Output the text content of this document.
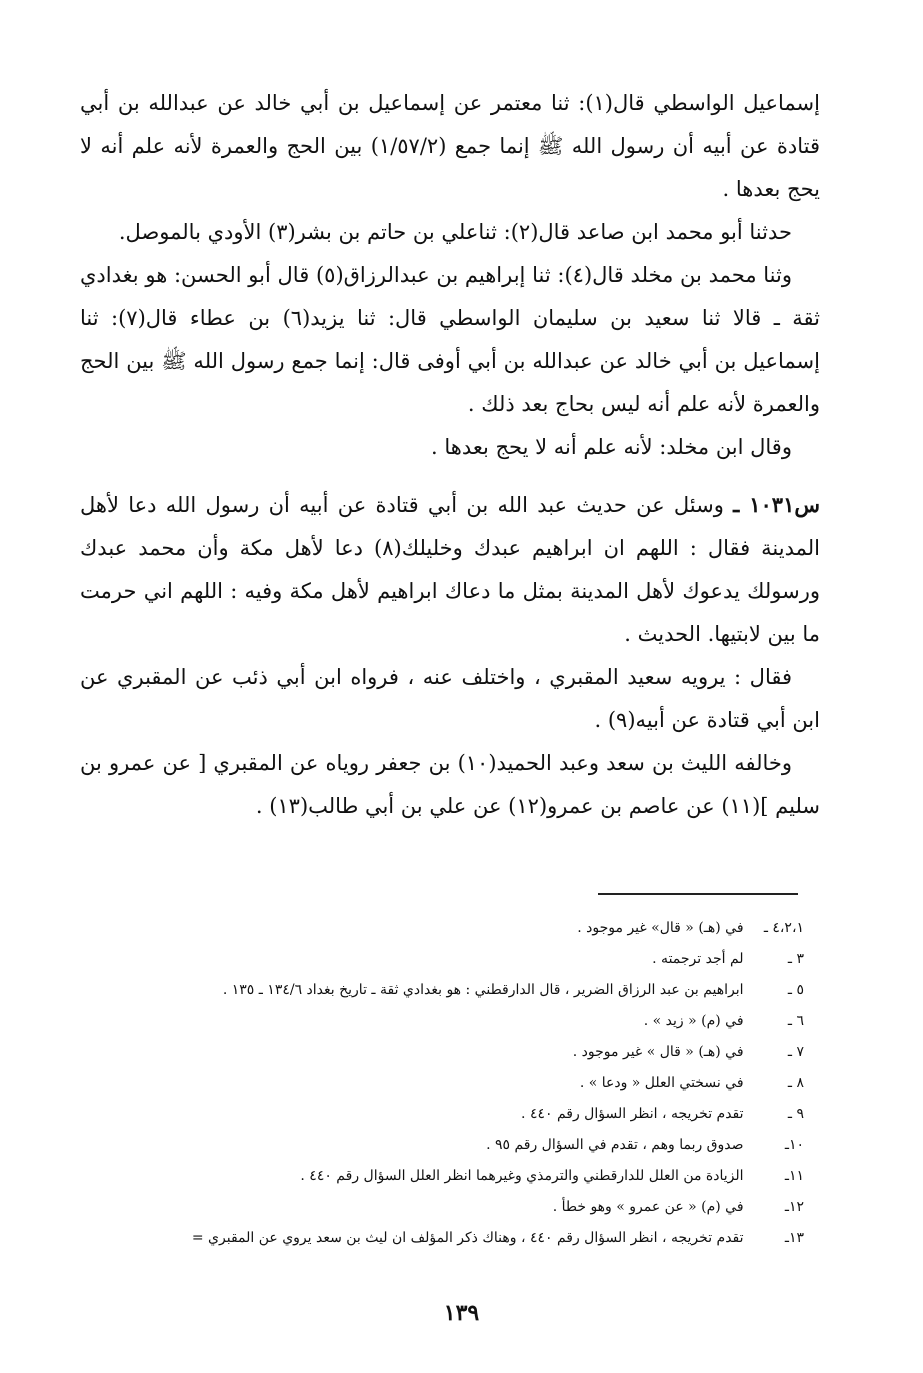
إسماعيل الواسطي قال(١): ثنا معتمر عن إسماعيل بن أبي خالد عن عبدالله بن أبي قتادة عن أبيه أن رسول الله ﷺ إنما جمع (١/٥٧/٢) بين الحج والعمرة لأنه علم أنه لا يحج بعدها .

حدثنا أبو محمد ابن صاعد قال(٢): ثناعلي بن حاتم بن بشر(٣) الأودي بالموصل.

وثنا محمد بن مخلد قال(٤): ثنا إبراهيم بن عبدالرزاق(٥) قال أبو الحسن: هو بغدادي ثقة ـ قالا ثنا سعيد بن سليمان الواسطي قال: ثنا يزيد(٦) بن عطاء قال(٧): ثنا إسماعيل بن أبي خالد عن عبدالله بن أبي أوفى قال: إنما جمع رسول الله ﷺ بين الحج والعمرة لأنه علم أنه ليس بحاج بعد ذلك .

وقال ابن مخلد: لأنه علم أنه لا يحج بعدها .

س١٠٣١ ـ وسئل عن حديث عبد الله بن أبي قتادة عن أبيه أن رسول الله دعا لأهل المدينة فقال : اللهم ان ابراهيم عبدك وخليلك(٨) دعا لأهل مكة وأن محمد عبدك ورسولك يدعوك لأهل المدينة بمثل ما دعاك ابراهيم لأهل مكة وفيه : اللهم اني حرمت ما بين لابتيها. الحديث .

فقال : يرويه سعيد المقبري ، واختلف عنه ، فرواه ابن أبي ذئب عن المقبري عن ابن أبي قتادة عن أبيه(٩) .

وخالفه الليث بن سعد وعبد الحميد(١٠) بن جعفر روياه عن المقبري [ عن عمرو بن سليم ](١١) عن عاصم بن عمرو(١٢) عن علي بن أبي طالب(١٣) .

٤،٢،١ ـ في (هـ) « قال» غير موجود .
٣ ـ لم أجد ترجمته .
٥ ـ ابراهيم بن عبد الرزاق الضرير ، قال الدارقطني : هو بغدادي ثقة ـ تاريخ بغداد ١٣٤/٦ ـ ١٣٥ .
٦ ـ في (م) « زيد » .
٧ ـ في (هـ) « قال » غير موجود .
٨ ـ في نسختي العلل « ودعا » .
٩ ـ تقدم تخريجه ، انظر السؤال رقم ٤٤٠ .
١٠ـ صدوق ربما وهم ، تقدم في السؤال رقم ٩٥ .
١١ـ الزيادة من العلل للدارقطني والترمذي وغيرهما انظر العلل السؤال رقم ٤٤٠ .
١٢ـ في (م) « عن عمرو » وهو خطأ .
١٣ـ تقدم تخريجه ، انظر السؤال رقم ٤٤٠ ، وهناك ذكر المؤلف ان ليث بن سعد يروي عن المقبري =
١٣٩
